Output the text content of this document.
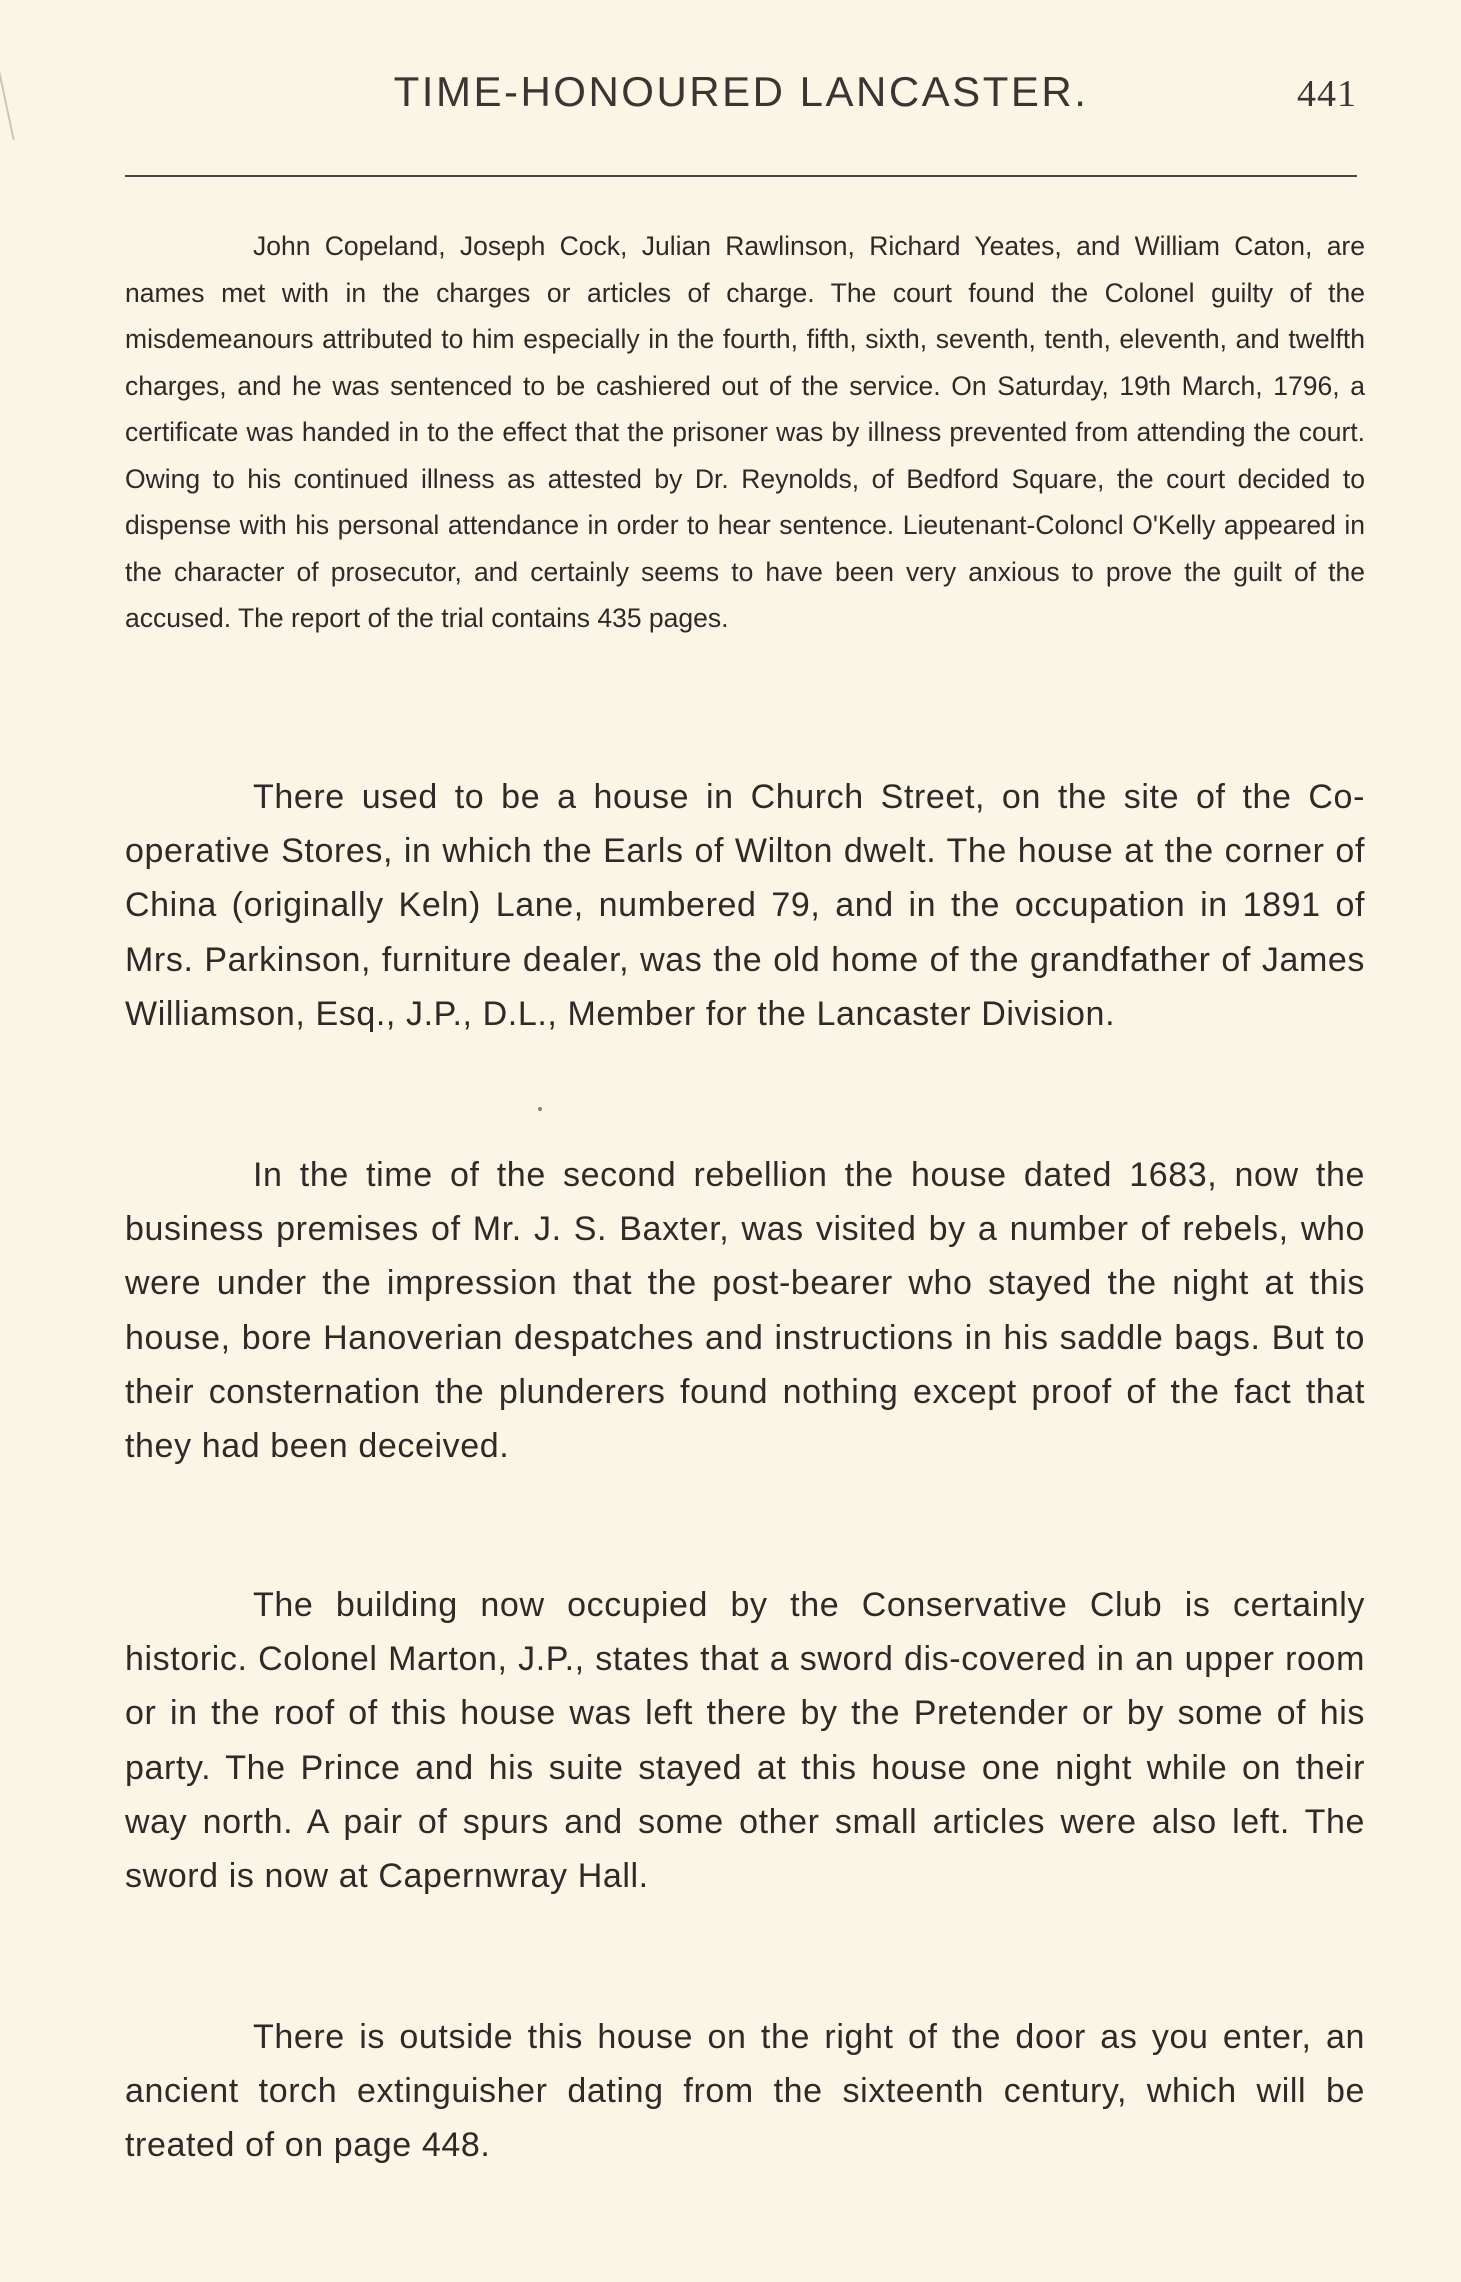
TIME-HONOURED LANCASTER.	441

John Copeland, Joseph Cock, Julian Rawlinson, Richard Yeates, and William Caton, are names met with in the charges or articles of charge. The court found the Colonel guilty of the misdemeanours attributed to him especially in the fourth, fifth, sixth, seventh, tenth, eleventh, and twelfth charges, and he was sentenced to be cashiered out of the service. On Saturday, 19th March, 1796, a certificate was handed in to the effect that the prisoner was by illness prevented from attending the court. Owing to his continued illness as attested by Dr. Reynolds, of Bedford Square, the court decided to dispense with his personal attendance in order to hear sentence. Lieutenant-Coloncl O'Kelly appeared in the character of prosecutor, and certainly seems to have been very anxious to prove the guilt of the accused. The report of the trial contains 435 pages.

There used to be a house in Church Street, on the site of the Co-operative Stores, in which the Earls of Wilton dwelt. The house at the corner of China (originally Keln) Lane, numbered 79, and in the occupation in 1891 of Mrs. Parkinson, furniture dealer, was the old home of the grandfather of James Williamson, Esq., J.P., D.L., Member for the Lancaster Division.

In the time of the second rebellion the house dated 1683, now the business premises of Mr. J. S. Baxter, was visited by a number of rebels, who were under the impression that the post-bearer who stayed the night at this house, bore Hanoverian despatches and instructions in his saddle bags. But to their consternation the plunderers found nothing except proof of the fact that they had been deceived.

The building now occupied by the Conservative Club is certainly historic. Colonel Marton, J.P., states that a sword dis-covered in an upper room or in the roof of this house was left there by the Pretender or by some of his party. The Prince and his suite stayed at this house one night while on their way north. A pair of spurs and some other small articles were also left. The sword is now at Capernwray Hall.

There is outside this house on the right of the door as you enter, an ancient torch extinguisher dating from the sixteenth century, which will be treated of on page 448.
